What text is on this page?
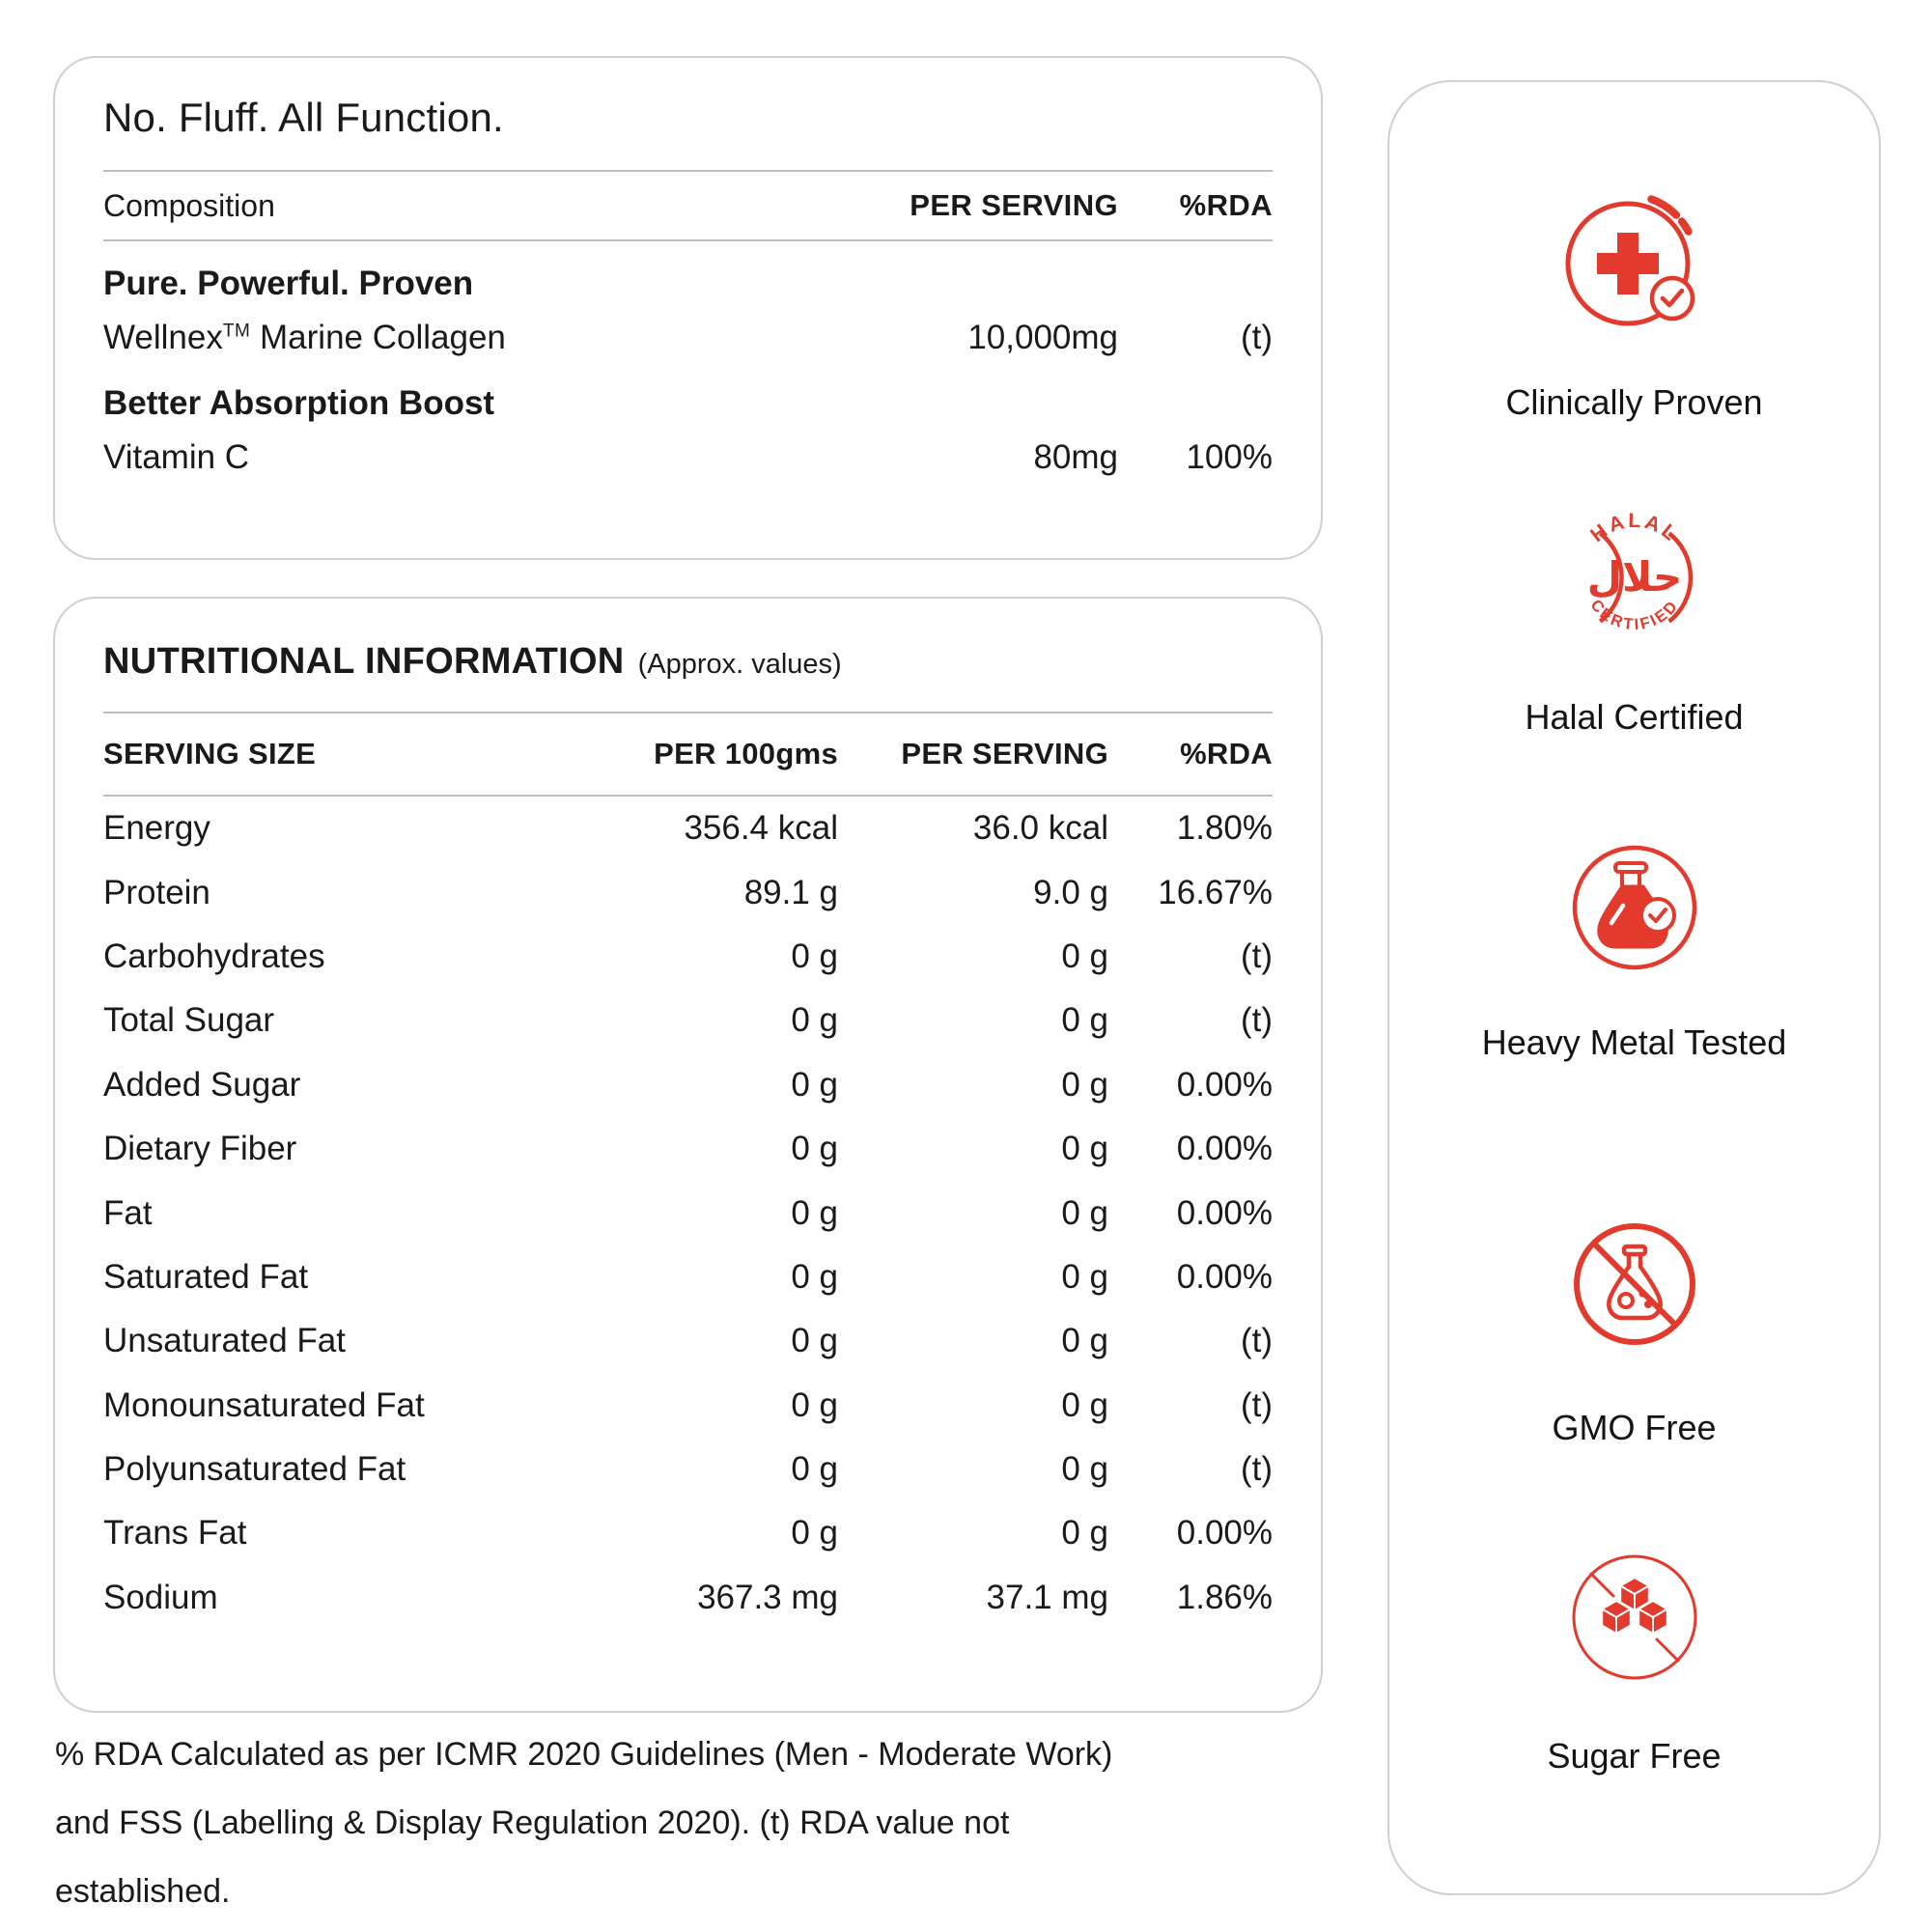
No. Fluff. All Function.
Composition	PER SERVING	%RDA
Pure. Powerful. Proven
Wellnex™ Marine Collagen	10,000mg	(t)
Better Absorption Boost
Vitamin C	80mg	100%
NUTRITIONAL INFORMATION (Approx. values)
SERVING SIZE	PER 100gms	PER SERVING	%RDA
Energy	356.4 kcal	36.0 kcal	1.80%
Protein	89.1 g	9.0 g	16.67%
Carbohydrates	0 g	0 g	(t)
Total Sugar	0 g	0 g	(t)
Added Sugar	0 g	0 g	0.00%
Dietary Fiber	0 g	0 g	0.00%
Fat	0 g	0 g	0.00%
Saturated Fat	0 g	0 g	0.00%
Unsaturated Fat	0 g	0 g	(t)
Monounsaturated Fat	0 g	0 g	(t)
Polyunsaturated Fat	0 g	0 g	(t)
Trans Fat	0 g	0 g	0.00%
Sodium	367.3 mg	37.1 mg	1.86%
% RDA Calculated as per ICMR 2020 Guidelines (Men - Moderate Work)
and FSS (Labelling & Display Regulation 2020). (t) RDA value not
established.
Clinically Proven
HALAL
CERTIFIED
حلال
Halal Certified
Heavy Metal Tested
GMO Free
Sugar Free
